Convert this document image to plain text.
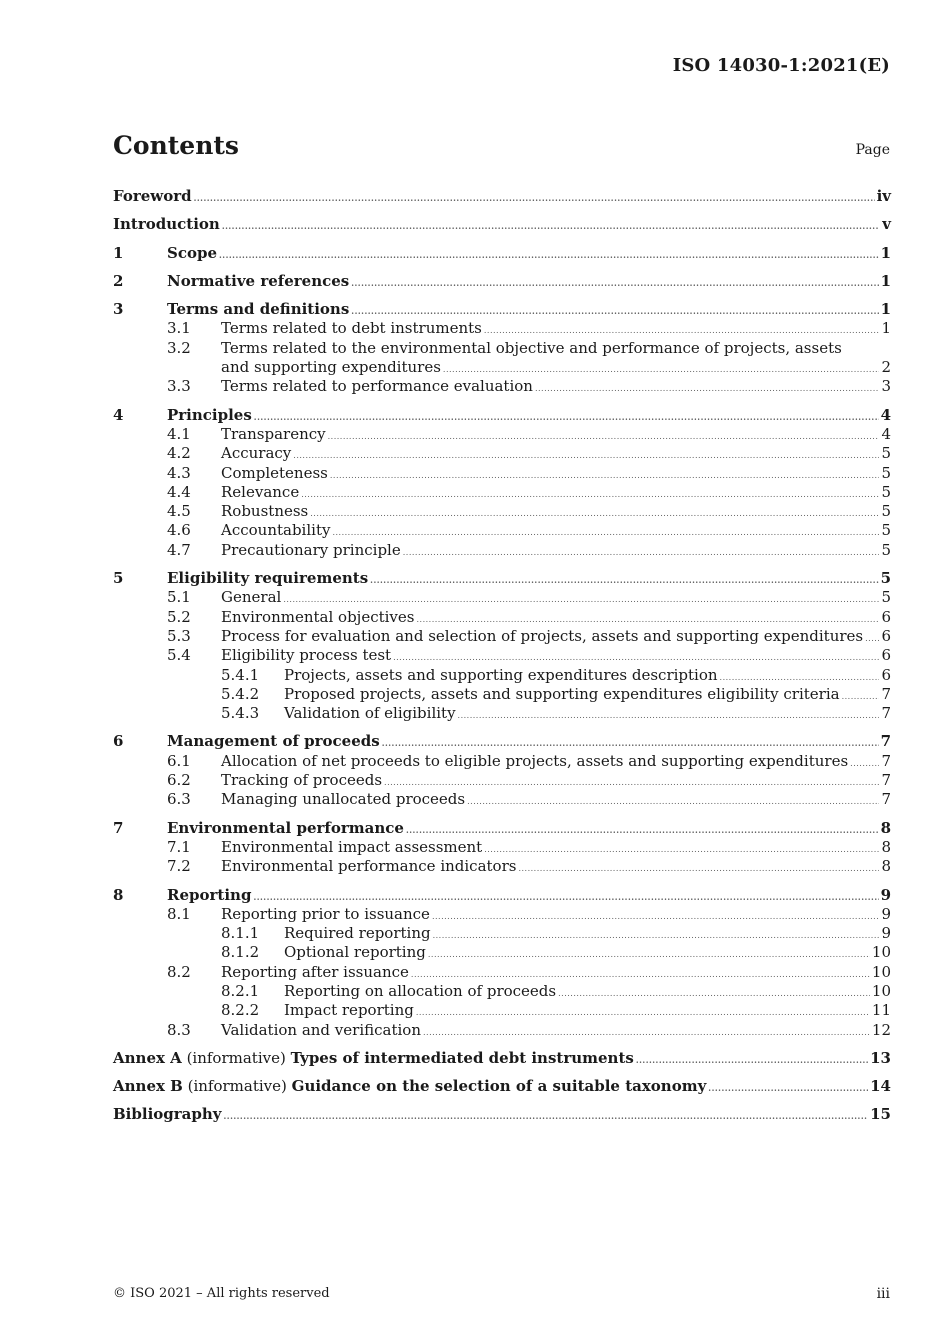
ISO 14030-1:2021(E)
Contents	Page
Foreword .....	iv
Introduction .....	v
1	Scope .....	1
2	Normative references .....	1
3	Terms and definitions .....	1
3.1	Terms related to debt instruments .....	1
3.2	Terms related to the environmental objective and performance of projects, assets
and supporting expenditures .....	2
3.3	Terms related to performance evaluation .....	3
4	Principles .....	4
4.1	Transparency .....	4
4.2	Accuracy .....	5
4.3	Completeness .....	5
4.4	Relevance .....	5
4.5	Robustness .....	5
4.6	Accountability .....	5
4.7	Precautionary principle .....	5
5	Eligibility requirements .....	5
5.1	General .....	5
5.2	Environmental objectives .....	6
5.3	Process for evaluation and selection of projects, assets and supporting expenditures ..... 6
5.4	Eligibility process test .....	6
5.4.1	Projects, assets and supporting expenditures description .....	6
5.4.2	Proposed projects, assets and supporting expenditures eligibility criteria .....	7
5.4.3	Validation of eligibility .....	7
6	Management of proceeds .....	7
6.1	Allocation of net proceeds to eligible projects, assets and supporting expenditures ..... 7
6.2	Tracking of proceeds .....	7
6.3	Managing unallocated proceeds .....	7
7	Environmental performance .....	8
7.1	Environmental impact assessment .....	8
7.2	Environmental performance indicators .....	8
8	Reporting .....	9
8.1	Reporting prior to issuance .....	9
8.1.1	Required reporting .....	9
8.1.2	Optional reporting .....	10
8.2	Reporting after issuance .....	10
8.2.1	Reporting on allocation of proceeds .....	10
8.2.2	Impact reporting .....	11
8.3	Validation and verification .....	12
Annex A (informative) Types of intermediated debt instruments .....	13
Annex B (informative) Guidance on the selection of a suitable taxonomy .....	14
Bibliography .....	15
© ISO 2021 – All rights reserved	iii
